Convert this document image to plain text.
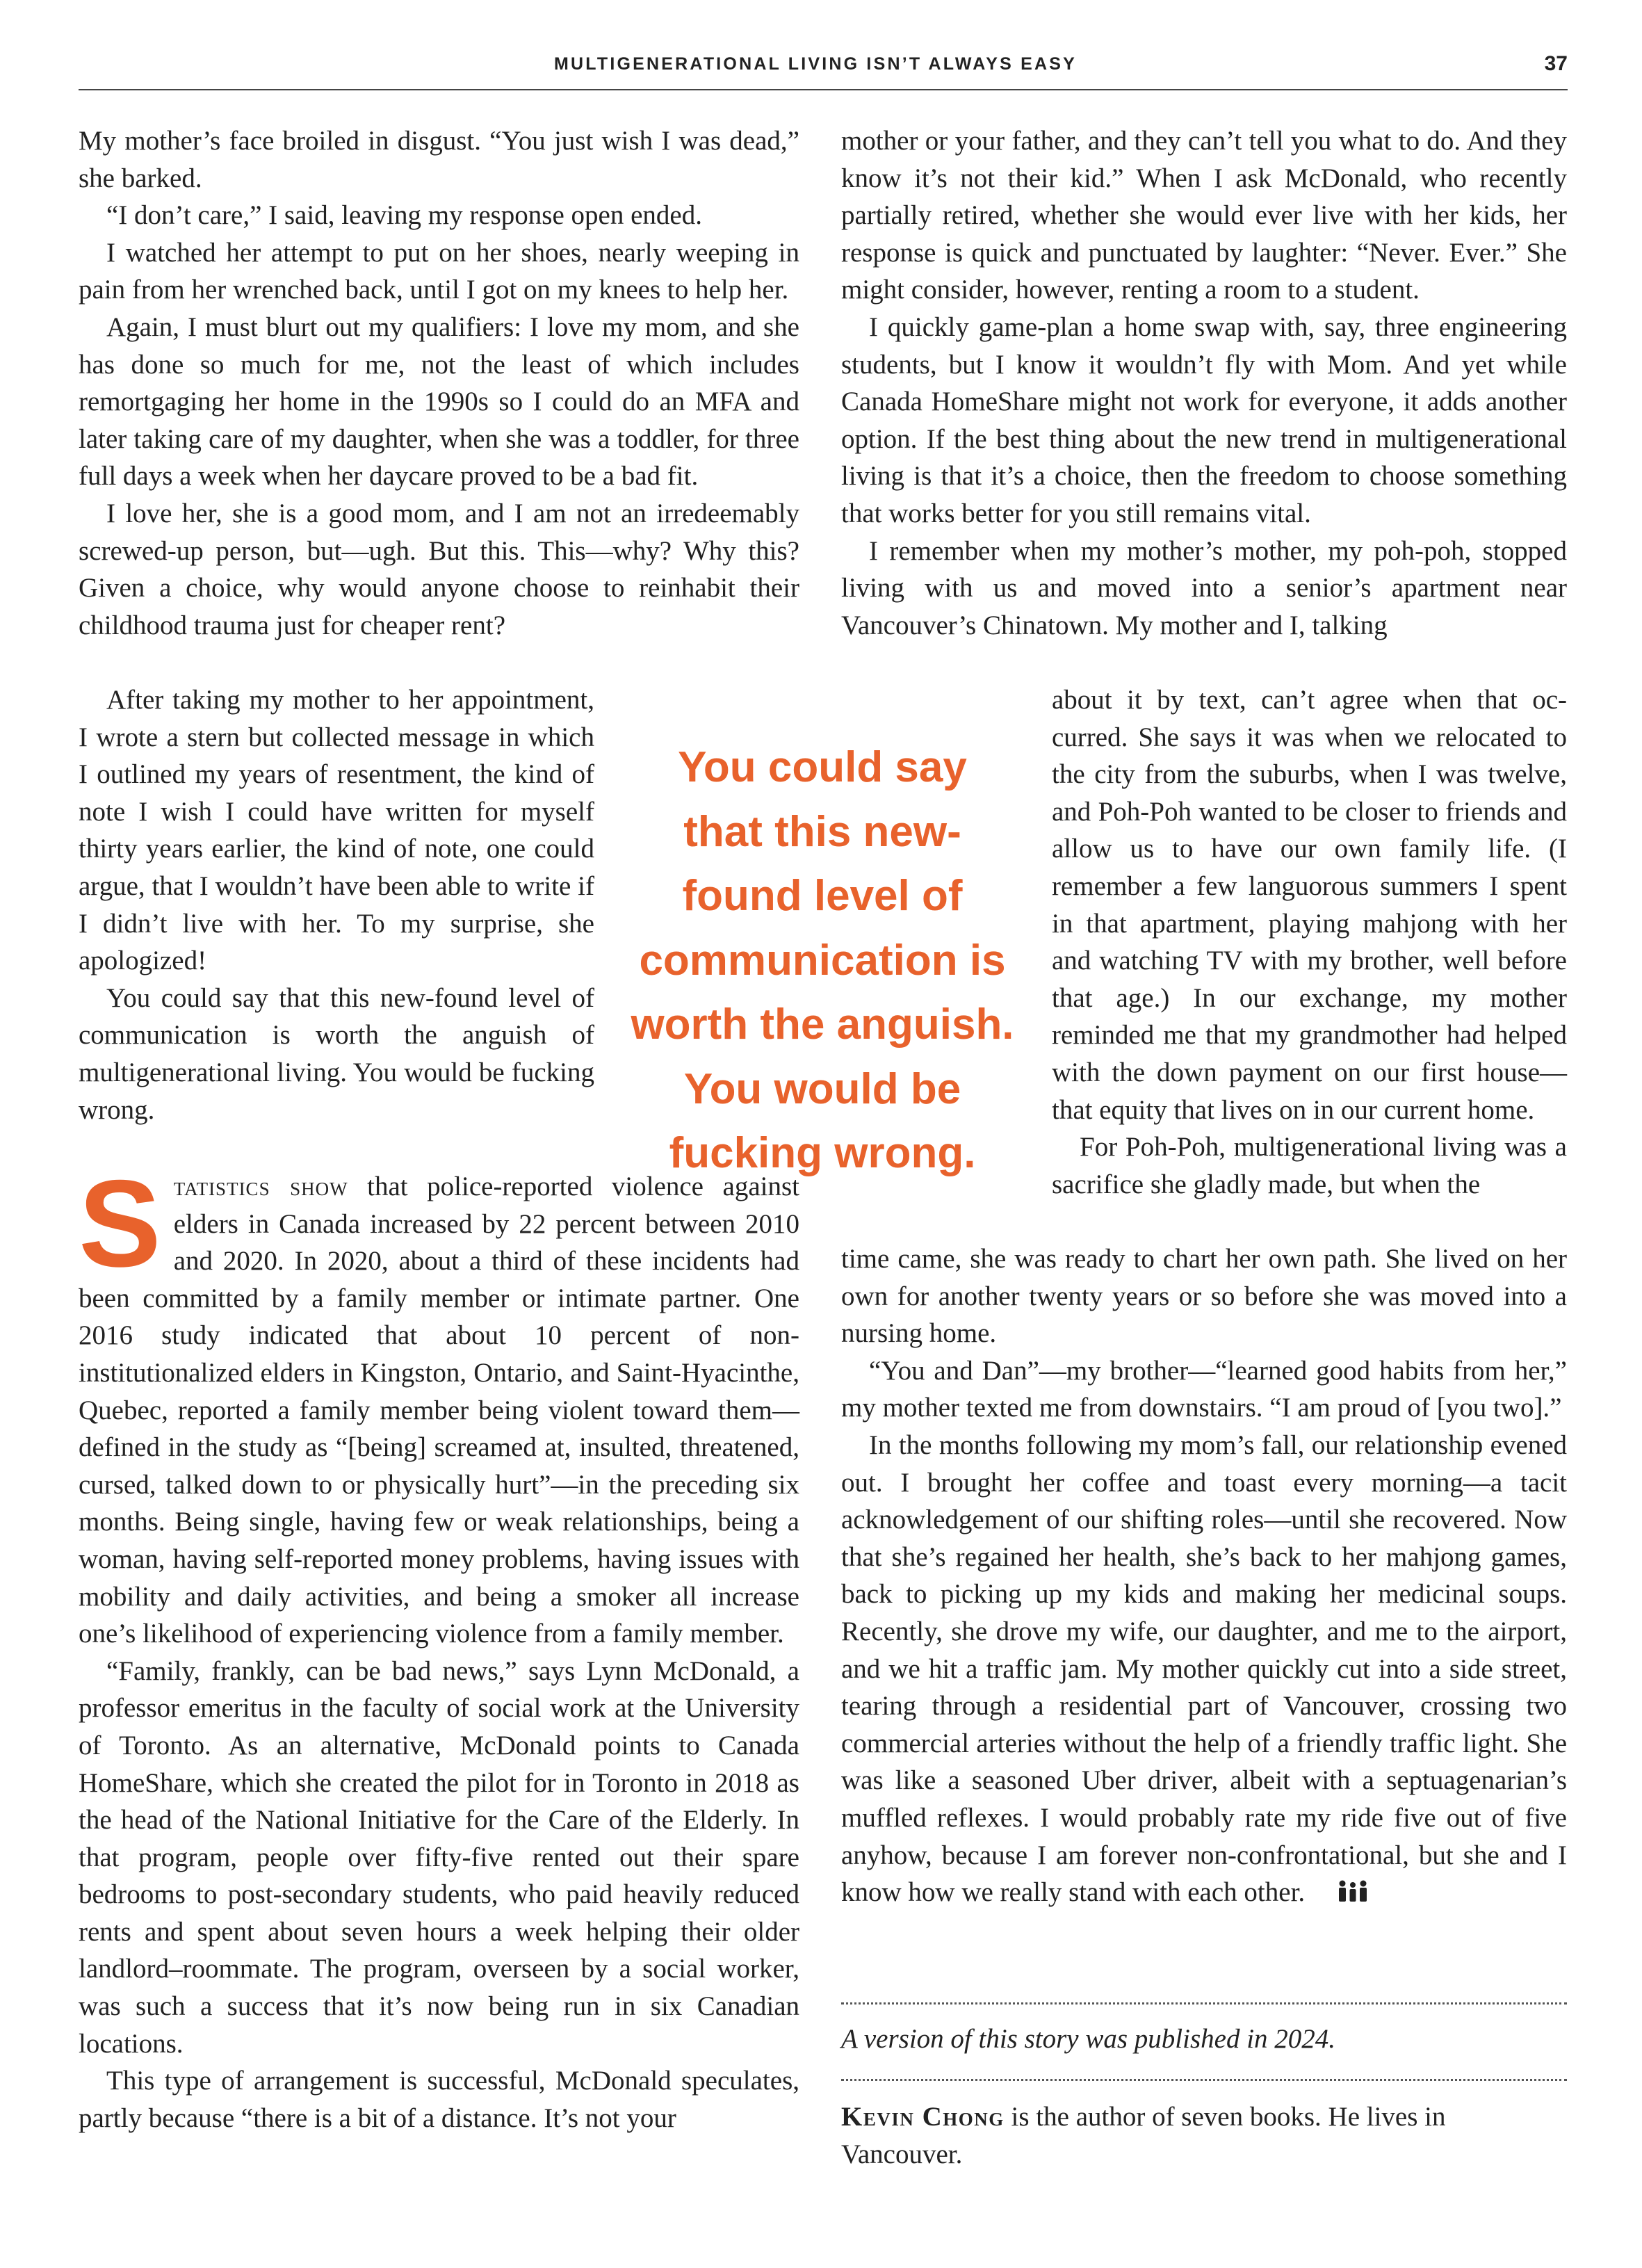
MULTIGENERATIONAL LIVING ISN’T ALWAYS EASY	37

My mother’s face broiled in disgust. “You just wish I was dead,” she barked.

“I don’t care,” I said, leaving my response open ended.

I watched her attempt to put on her shoes, nearly weeping in pain from her wrenched back, until I got on my knees to help her.

Again, I must blurt out my qualifiers: I love my mom, and she has done so much for me, not the least of which includes remortgaging her home in the 1990s so I could do an MFA and later taking care of my daughter, when she was a toddler, for three full days a week when her daycare proved to be a bad fit.

I love her, she is a good mom, and I am not an irredeemably screwed-up person, but—ugh. But this. This—why? Why this? Given a choice, why would anyone choose to reinhabit their childhood trauma just for cheaper rent?

After taking my mother to her appointment, I wrote a stern but collected message in which I outlined my years of resentment, the kind of note I wish I could have written for myself thirty years earlier, the kind of note, one could argue, that I wouldn’t have been able to write if I didn’t live with her. To my surprise, she apologized!

You could say that this new-found level of communication is worth the anguish of multigenerational living. You would be fucking wrong.

You could say
that this new-
found level of
communication is
worth the anguish.
You would be
fucking wrong.

Statistics show that police-reported violence against elders in Canada increased by 22 percent between 2010 and 2020. In 2020, about a third of these incidents had been committed by a family member or intimate partner. One 2016 study indicated that about 10 percent of non-institutionalized elders in Kingston, Ontario, and Saint-Hyacinthe, Quebec, reported a family member being violent toward them—defined in the study as “[being] screamed at, insulted, threatened, cursed, talked down to or physically hurt”—in the preceding six months. Being single, having few or weak relationships, being a woman, having self-reported money problems, having issues with mobility and daily activities, and being a smoker all increase one’s likelihood of experiencing violence from a family member.

“Family, frankly, can be bad news,” says Lynn McDonald, a professor emeritus in the faculty of social work at the University of Toronto. As an alternative, McDonald points to Canada HomeShare, which she created the pilot for in Toronto in 2018 as the head of the National Initiative for the Care of the Elderly. In that program, people over fifty-five rented out their spare bedrooms to post-secondary students, who paid heavily reduced rents and spent about seven hours a week helping their older landlord–roommate. The program, overseen by a social worker, was such a success that it’s now being run in six Canadian locations.

This type of arrangement is successful, McDonald speculates, partly because “there is a bit of a distance. It’s not your

mother or your father, and they can’t tell you what to do. And they know it’s not their kid.” When I ask McDonald, who recently partially retired, whether she would ever live with her kids, her response is quick and punctuated by laughter: “Never. Ever.” She might consider, however, renting a room to a student.

I quickly game-plan a home swap with, say, three engineering students, but I know it wouldn’t fly with Mom. And yet while Canada HomeShare might not work for everyone, it adds another option. If the best thing about the new trend in multigenerational living is that it’s a choice, then the freedom to choose something that works better for you still remains vital.

I remember when my mother’s mother, my poh-poh, stopped living with us and moved into a senior’s apartment near Vancouver’s Chinatown. My mother and I, talking

about it by text, can’t agree when that occurred. She says it was when we relocated to the city from the suburbs, when I was twelve, and Poh-Poh wanted to be closer to friends and allow us to have our own family life. (I remember a few languorous summers I spent in that apartment, playing mahjong with her and watching TV with my brother, well before that age.) In our exchange, my mother reminded me that my grandmother had helped with the down payment on our first house—that equity that lives on in our current home.

For Poh-Poh, multigenerational living was a sacrifice she gladly made, but when the

time came, she was ready to chart her own path. She lived on her own for another twenty years or so before she was moved into a nursing home.

“You and Dan”—my brother—“learned good habits from her,” my mother texted me from downstairs. “I am proud of [you two].”

In the months following my mom’s fall, our relationship evened out. I brought her coffee and toast every morning—a tacit acknowledgement of our shifting roles—until she recovered. Now that she’s regained her health, she’s back to her mahjong games, back to picking up my kids and making her medicinal soups. Recently, she drove my wife, our daughter, and me to the airport, and we hit a traffic jam. My mother quickly cut into a side street, tearing through a residential part of Vancouver, crossing two commercial arteries without the help of a friendly traffic light. She was like a seasoned Uber driver, albeit with a septuagenarian’s muffled reflexes. I would probably rate my ride five out of five anyhow, because I am forever non-confrontational, but she and I know how we really stand with each other.

A version of this story was published in 2024.
Kevin Chong is the author of seven books. He lives in Vancouver.
